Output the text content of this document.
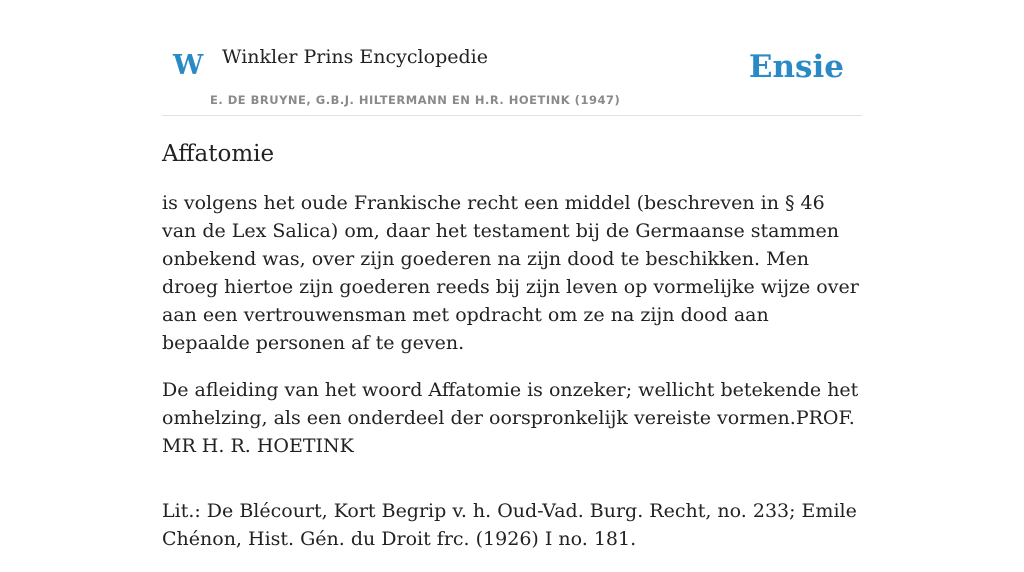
W Winkler Prins Encyclopedie
E. DE BRUYNE, G.B.J. HILTERMANN EN H.R. HOETINK (1947)
Ensie
Affatomie

is volgens het oude Frankische recht een middel (beschreven in § 46 van de Lex Salica) om, daar het testament bij de Germaanse stammen onbekend was, over zijn goederen na zijn dood te beschikken. Men droeg hiertoe zijn goederen reeds bij zijn leven op vormelijke wijze over aan een vertrouwensman met opdracht om ze na zijn dood aan bepaalde personen af te geven.

De afleiding van het woord Affatomie is onzeker; wellicht betekende het omhelzing, als een onderdeel der oorspronkelijk vereiste vormen.PROF. MR H. R. HOETINK

Lit.: De Blécourt, Kort Begrip v. h. Oud-Vad. Burg. Recht, no. 233; Emile Chénon, Hist. Gén. du Droit frc. (1926) I no. 181.
